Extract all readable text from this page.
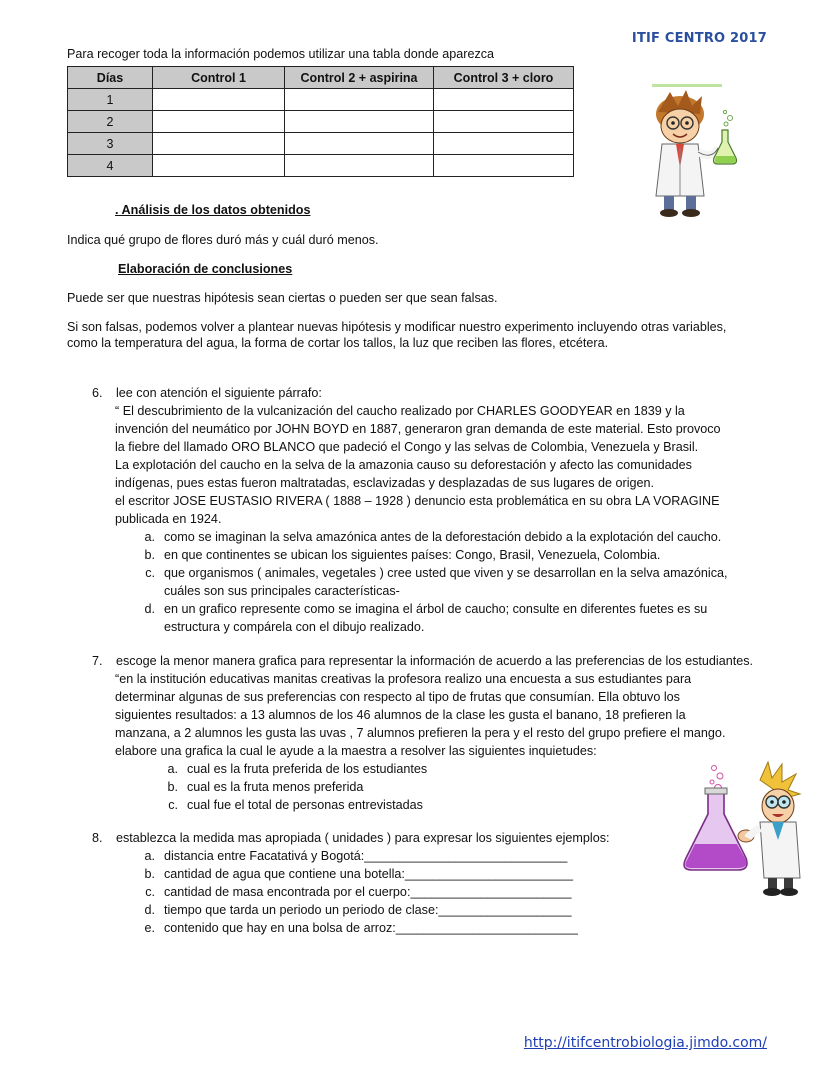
ITIF CENTRO 2017
Para recoger toda la información podemos utilizar una tabla donde aparezca
Días	Control 1	Control 2 + aspirina	Control 3 + cloro
1			
2			
3			
4			
. Análisis de los datos obtenidos
Indica qué grupo de flores duró más y cuál duró menos.
Elaboración de conclusiones
Puede ser que nuestras hipótesis sean ciertas o pueden ser que sean falsas.
Si son falsas, podemos volver a plantear nuevas hipótesis y modificar nuestro experimento incluyendo otras variables,
como la temperatura del agua, la forma de cortar los tallos, la luz que reciben las flores, etcétera.
6. lee con atención el siguiente párrafo:
“ El descubrimiento de la vulcanización del caucho realizado por CHARLES GOODYEAR en 1839 y la
invención del neumático por JOHN BOYD en 1887, generaron gran demanda de este material. Esto provoco
la fiebre del llamado ORO BLANCO que padeció el Congo y las selvas de Colombia, Venezuela y Brasil.
La explotación del caucho en la selva de la amazonia causo su deforestación y afecto las comunidades
indígenas, pues estas fueron maltratadas, esclavizadas y desplazadas de sus lugares de origen.
el escritor JOSE EUSTASIO RIVERA ( 1888 – 1928 ) denuncio esta problemática en su obra LA VORAGINE
publicada en 1924.
a. como se imaginan la selva amazónica antes de la deforestación debido a la explotación del caucho.
b. en que continentes se ubican los siguientes países: Congo, Brasil, Venezuela, Colombia.
c. que organismos ( animales, vegetales ) cree usted que viven y se desarrollan en la selva amazónica,
cuáles son sus principales características-
d. en un grafico represente como se imagina el árbol de caucho; consulte en diferentes fuetes es su
estructura y compárela con el dibujo realizado.
7. escoge la menor manera grafica para representar la información de acuerdo a las preferencias de los estudiantes.
“en la institución educativas manitas creativas la profesora realizo una encuesta a sus estudiantes para
determinar algunas de sus preferencias con respecto al tipo de frutas que consumían. Ella obtuvo los
siguientes resultados: a 13 alumnos de los 46 alumnos de la clase les gusta el banano, 18 prefieren la
manzana, a 2 alumnos les gusta las uvas , 7 alumnos prefieren la pera y el resto del grupo prefiere el mango.
elabore una grafica la cual le ayude a la maestra a resolver las siguientes inquietudes:
a. cual es la fruta preferida de los estudiantes
b. cual es la fruta menos preferida
c. cual fue el total de personas entrevistadas
8. establezca la medida mas apropiada ( unidades ) para expresar los siguientes ejemplos:
a. distancia entre Facatativá y Bogotá:_____________________________
b. cantidad de agua que contiene una botella:________________________
c. cantidad de masa encontrada por el cuerpo:_______________________
d. tiempo que tarda un periodo un periodo de clase:___________________
e. contenido que hay en una bolsa de arroz:__________________________
http://itifcentrobiologia.jimdo.com/
